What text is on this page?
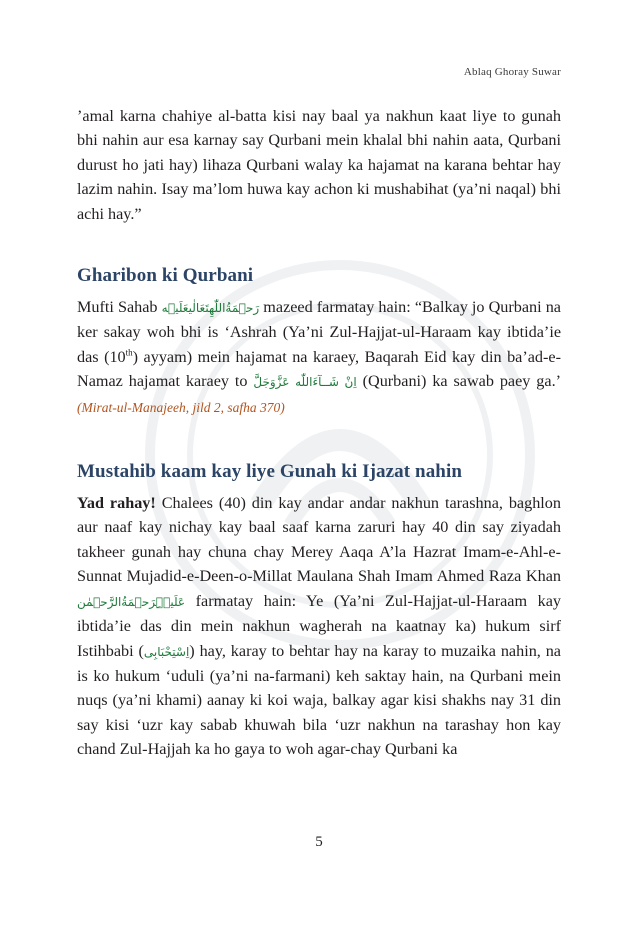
Ablaq Ghoray Suwar

’amal karna chahiye al-batta kisi nay baal ya nakhun kaat liye to gunah bhi nahin aur esa karnay say Qurbani mein khalal bhi nahin aata, Qurbani durust ho jati hay) lihaza Qurbani walay ka hajamat na karana behtar hay lazim nahin. Isay ma’lom huwa kay achon ki mushabihat (ya’ni naqal) bhi achi hay.”

Gharibon ki Qurbani

Mufti Sahab رَحۡمَةُاللّٰهِتَعَالٰیعَلَیۡه mazeed farmatay hain: “Balkay jo Qurbani na ker sakay woh bhi is ‘Ashrah (Ya’ni Zul-Hajjat-ul-Haraam kay ibtida’ie das (10th) ayyam) mein hajamat na karaey, Baqarah Eid kay din ba’ad-e-Namaz hajamat karaey to اِنْ شَــآءَاللّٰه عَزَّوَجَلَّ (Qurbani) ka sawab paey ga.’ (Mirat-ul-Manajeeh, jild 2, safha 370)

Mustahib kaam kay liye Gunah ki Ijazat nahin

Yad rahay! Chalees (40) din kay andar andar nakhun tarashna, baghlon aur naaf kay nichay kay baal saaf karna zaruri hay 40 din say ziyadah takheer gunah hay chuna chay Merey Aaqa A’la Hazrat Imam-e-Ahl-e-Sunnat Mujadid-e-Deen-o-Millat Maulana Shah Imam Ahmed Raza Khan عَلَیۡہِرَحۡمَةُالرَّحۡمٰن farmatay hain: Ye (Ya’ni Zul-Hajjat-ul-Haraam kay ibtida’ie das din mein nakhun wagherah na kaatnay ka) hukum sirf Istihbabi (اِسْتِحْبَابِی) hay, karay to behtar hay na karay to muzaika nahin, na is ko hukum ‘uduli (ya’ni na-farmani) keh saktay hain, na Qurbani mein nuqs (ya’ni khami) aanay ki koi waja, balkay agar kisi shakhs nay 31 din say kisi ‘uzr kay sabab khuwah bila ‘uzr nakhun na tarashay hon kay chand Zul-Hajjah ka ho gaya to woh agar-chay Qurbani ka

5
